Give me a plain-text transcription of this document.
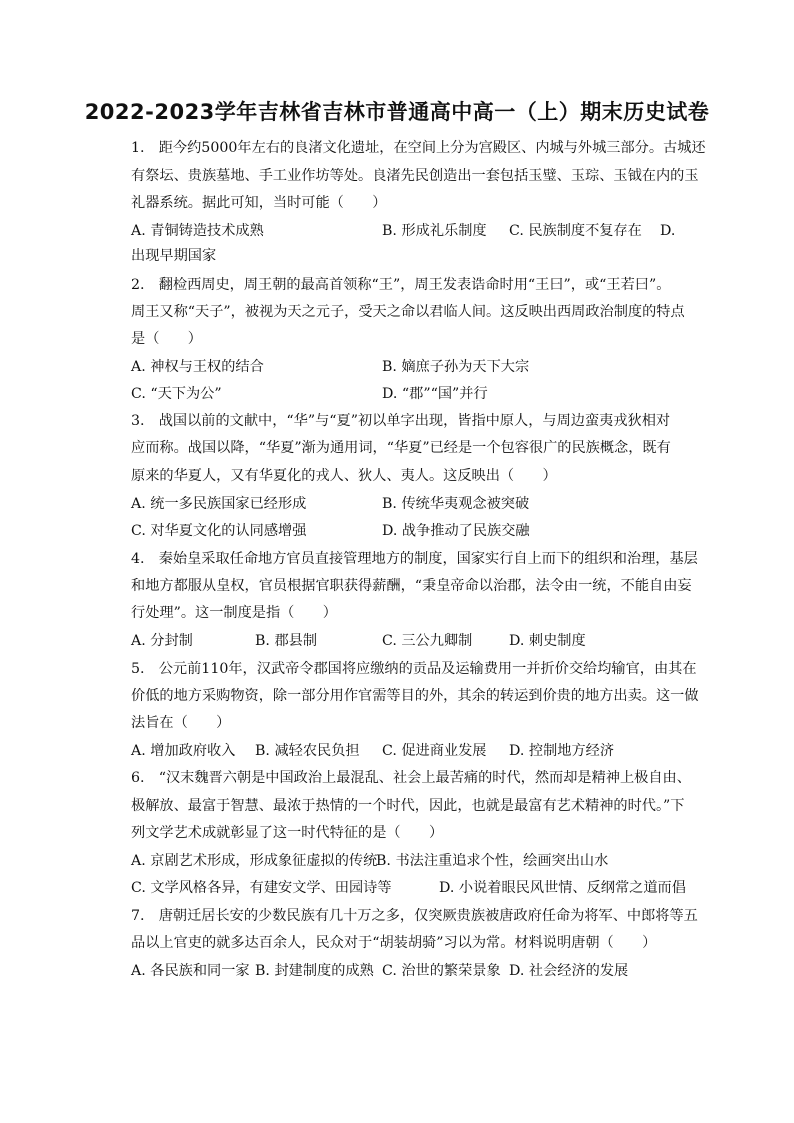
2022-2023学年吉林省吉林市普通高中高一（上）期末历史试卷
1.　距今约5000年左右的良渚文化遗址，在空间上分为宫殿区、内城与外城三部分。古城还
有祭坛、贵族墓地、手工业作坊等处。良渚先民创造出一套包括玉璧、玉琮、玉钺在内的玉
礼器系统。据此可知，当时可能（　　）
A. 青铜铸造技术成熟	B. 形成礼乐制度 C. 民族制度不复存在 D.
出现早期国家
2.　翻检西周史，周王朝的最高首领称“王”，周王发表诰命时用“王曰”，或“王若曰”。
周王又称“天子”，被视为天之元子，受天之命以君临人间。这反映出西周政治制度的特点
是（　　）
A. 神权与王权的结合	B. 嫡庶子孙为天下大宗
C. “天下为公”	D. “郡”“国”并行
3.　战国以前的文献中，“华”与“夏”初以单字出现，皆指中原人，与周边蛮夷戎狄相对
应而称。战国以降，“华夏”渐为通用词，“华夏”已经是一个包容很广的民族概念，既有
原来的华夏人，又有华夏化的戎人、狄人、夷人。这反映出（　　）
A. 统一多民族国家已经形成	B. 传统华夷观念被突破
C. 对华夏文化的认同感增强	D. 战争推动了民族交融
4.　秦始皇采取任命地方官员直接管理地方的制度，国家实行自上而下的组织和治理，基层
和地方都服从皇权，官员根据官职获得薪酬，“秉皇帝命以治郡，法令由一统，不能自由妄
行处理”。这一制度是指（　　）
A. 分封制	B. 郡县制	C. 三公九卿制	D. 刺史制度
5.　公元前110年，汉武帝令郡国将应缴纳的贡品及运输费用一并折价交给均输官，由其在
价低的地方采购物资，除一部分用作官需等目的外，其余的转运到价贵的地方出卖。这一做
法旨在（　　）
A. 增加政府收入 B. 减轻农民负担 C. 促进商业发展 D. 控制地方经济
6.　“汉末魏晋六朝是中国政治上最混乱、社会上最苦痛的时代，然而却是精神上极自由、
极解放、最富于智慧、最浓于热情的一个时代，因此，也就是最富有艺术精神的时代。”下
列文学艺术成就彰显了这一时代特征的是（　　）
A. 京剧艺术形成，形成象征虚拟的传统
B. 书法注重追求个性，绘画突出山水
C. 文学风格各异，有建安文学、田园诗等	D. 小说着眼民风世情、反纲常之道而倡
7.　唐朝迁居长安的少数民族有几十万之多，仅突厥贵族被唐政府任命为将军、中郎将等五
品以上官吏的就多达百余人，民众对于“胡装胡骑”习以为常。材料说明唐朝（　　）
A. 各民族和同一家 B. 封建制度的成熟 C. 治世的繁荣景象 D. 社会经济的发展
